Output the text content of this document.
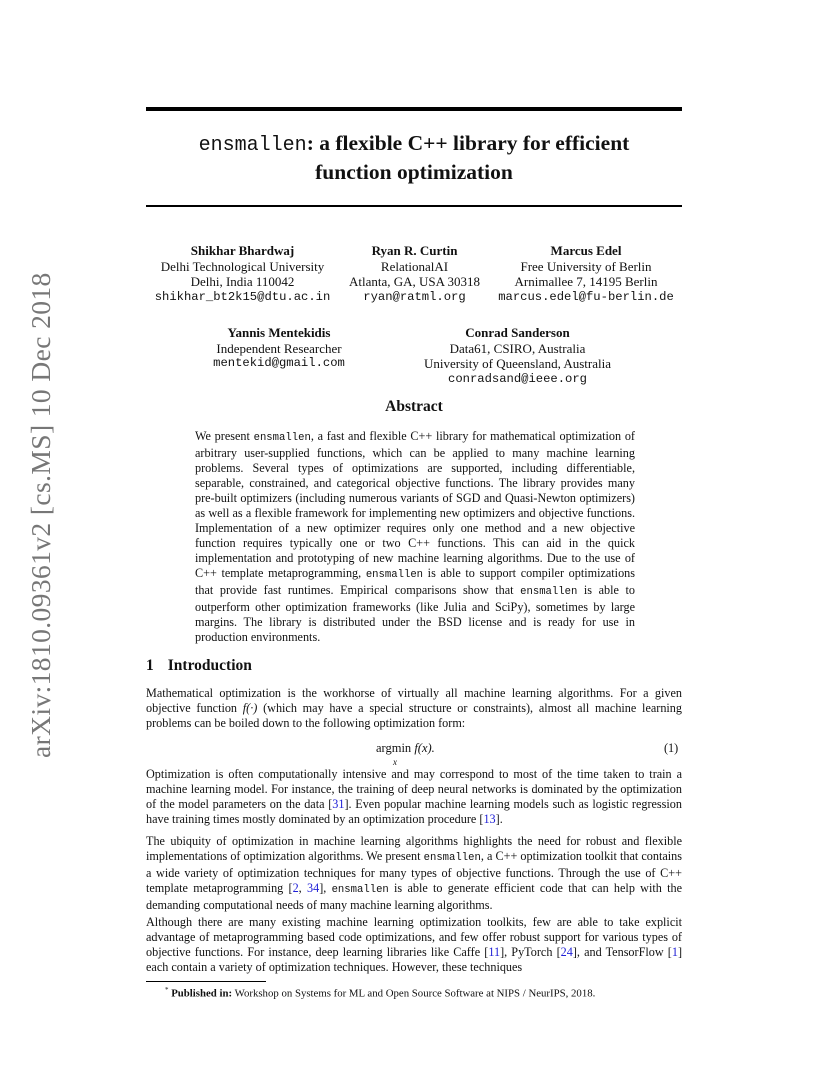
arXiv:1810.09361v2 [cs.MS] 10 Dec 2018
ensmallen: a flexible C++ library for efficient
function optimization
Shikhar Bhardwaj
Delhi Technological University
Delhi, India 110042
shikhar_bt2k15@dtu.ac.in
Ryan R. Curtin
RelationalAI
Atlanta, GA, USA 30318
ryan@ratml.org
Marcus Edel
Free University of Berlin
Arnimallee 7, 14195 Berlin
marcus.edel@fu-berlin.de
Yannis Mentekidis
Independent Researcher
mentekid@gmail.com
Conrad Sanderson
Data61, CSIRO, Australia
University of Queensland, Australia
conradsand@ieee.org
Abstract
We present ensmallen, a fast and flexible C++ library for mathematical optimization of arbitrary user-supplied functions, which can be applied to many machine learning problems. Several types of optimizations are supported, including differentiable, separable, constrained, and categorical objective functions. The library provides many pre-built optimizers (including numerous variants of SGD and Quasi-Newton optimizers) as well as a flexible framework for implementing new optimizers and objective functions. Implementation of a new optimizer requires only one method and a new objective function requires typically one or two C++ functions. This can aid in the quick implementation and prototyping of new machine learning algorithms. Due to the use of C++ template metaprogramming, ensmallen is able to support compiler optimizations that provide fast runtimes. Empirical comparisons show that ensmallen is able to outperform other optimization frameworks (like Julia and SciPy), sometimes by large margins. The library is distributed under the BSD license and is ready for use in production environments.
1 Introduction
Mathematical optimization is the workhorse of virtually all machine learning algorithms. For a given objective function f(·) (which may have a special structure or constraints), almost all machine learning problems can be boiled down to the following optimization form:
argmin f(x).
x
(1)
Optimization is often computationally intensive and may correspond to most of the time taken to train a machine learning model. For instance, the training of deep neural networks is dominated by the optimization of the model parameters on the data [31]. Even popular machine learning models such as logistic regression have training times mostly dominated by an optimization procedure [13].
The ubiquity of optimization in machine learning algorithms highlights the need for robust and flexible implementations of optimization algorithms. We present ensmallen, a C++ optimization toolkit that contains a wide variety of optimization techniques for many types of objective functions. Through the use of C++ template metaprogramming [2, 34], ensmallen is able to generate efficient code that can help with the demanding computational needs of many machine learning algorithms.
Although there are many existing machine learning optimization toolkits, few are able to take explicit advantage of metaprogramming based code optimizations, and few offer robust support for various types of objective functions. For instance, deep learning libraries like Caffe [11], PyTorch [24], and TensorFlow [1] each contain a variety of optimization techniques. However, these techniques
* Published in: Workshop on Systems for ML and Open Source Software at NIPS / NeurIPS, 2018.
